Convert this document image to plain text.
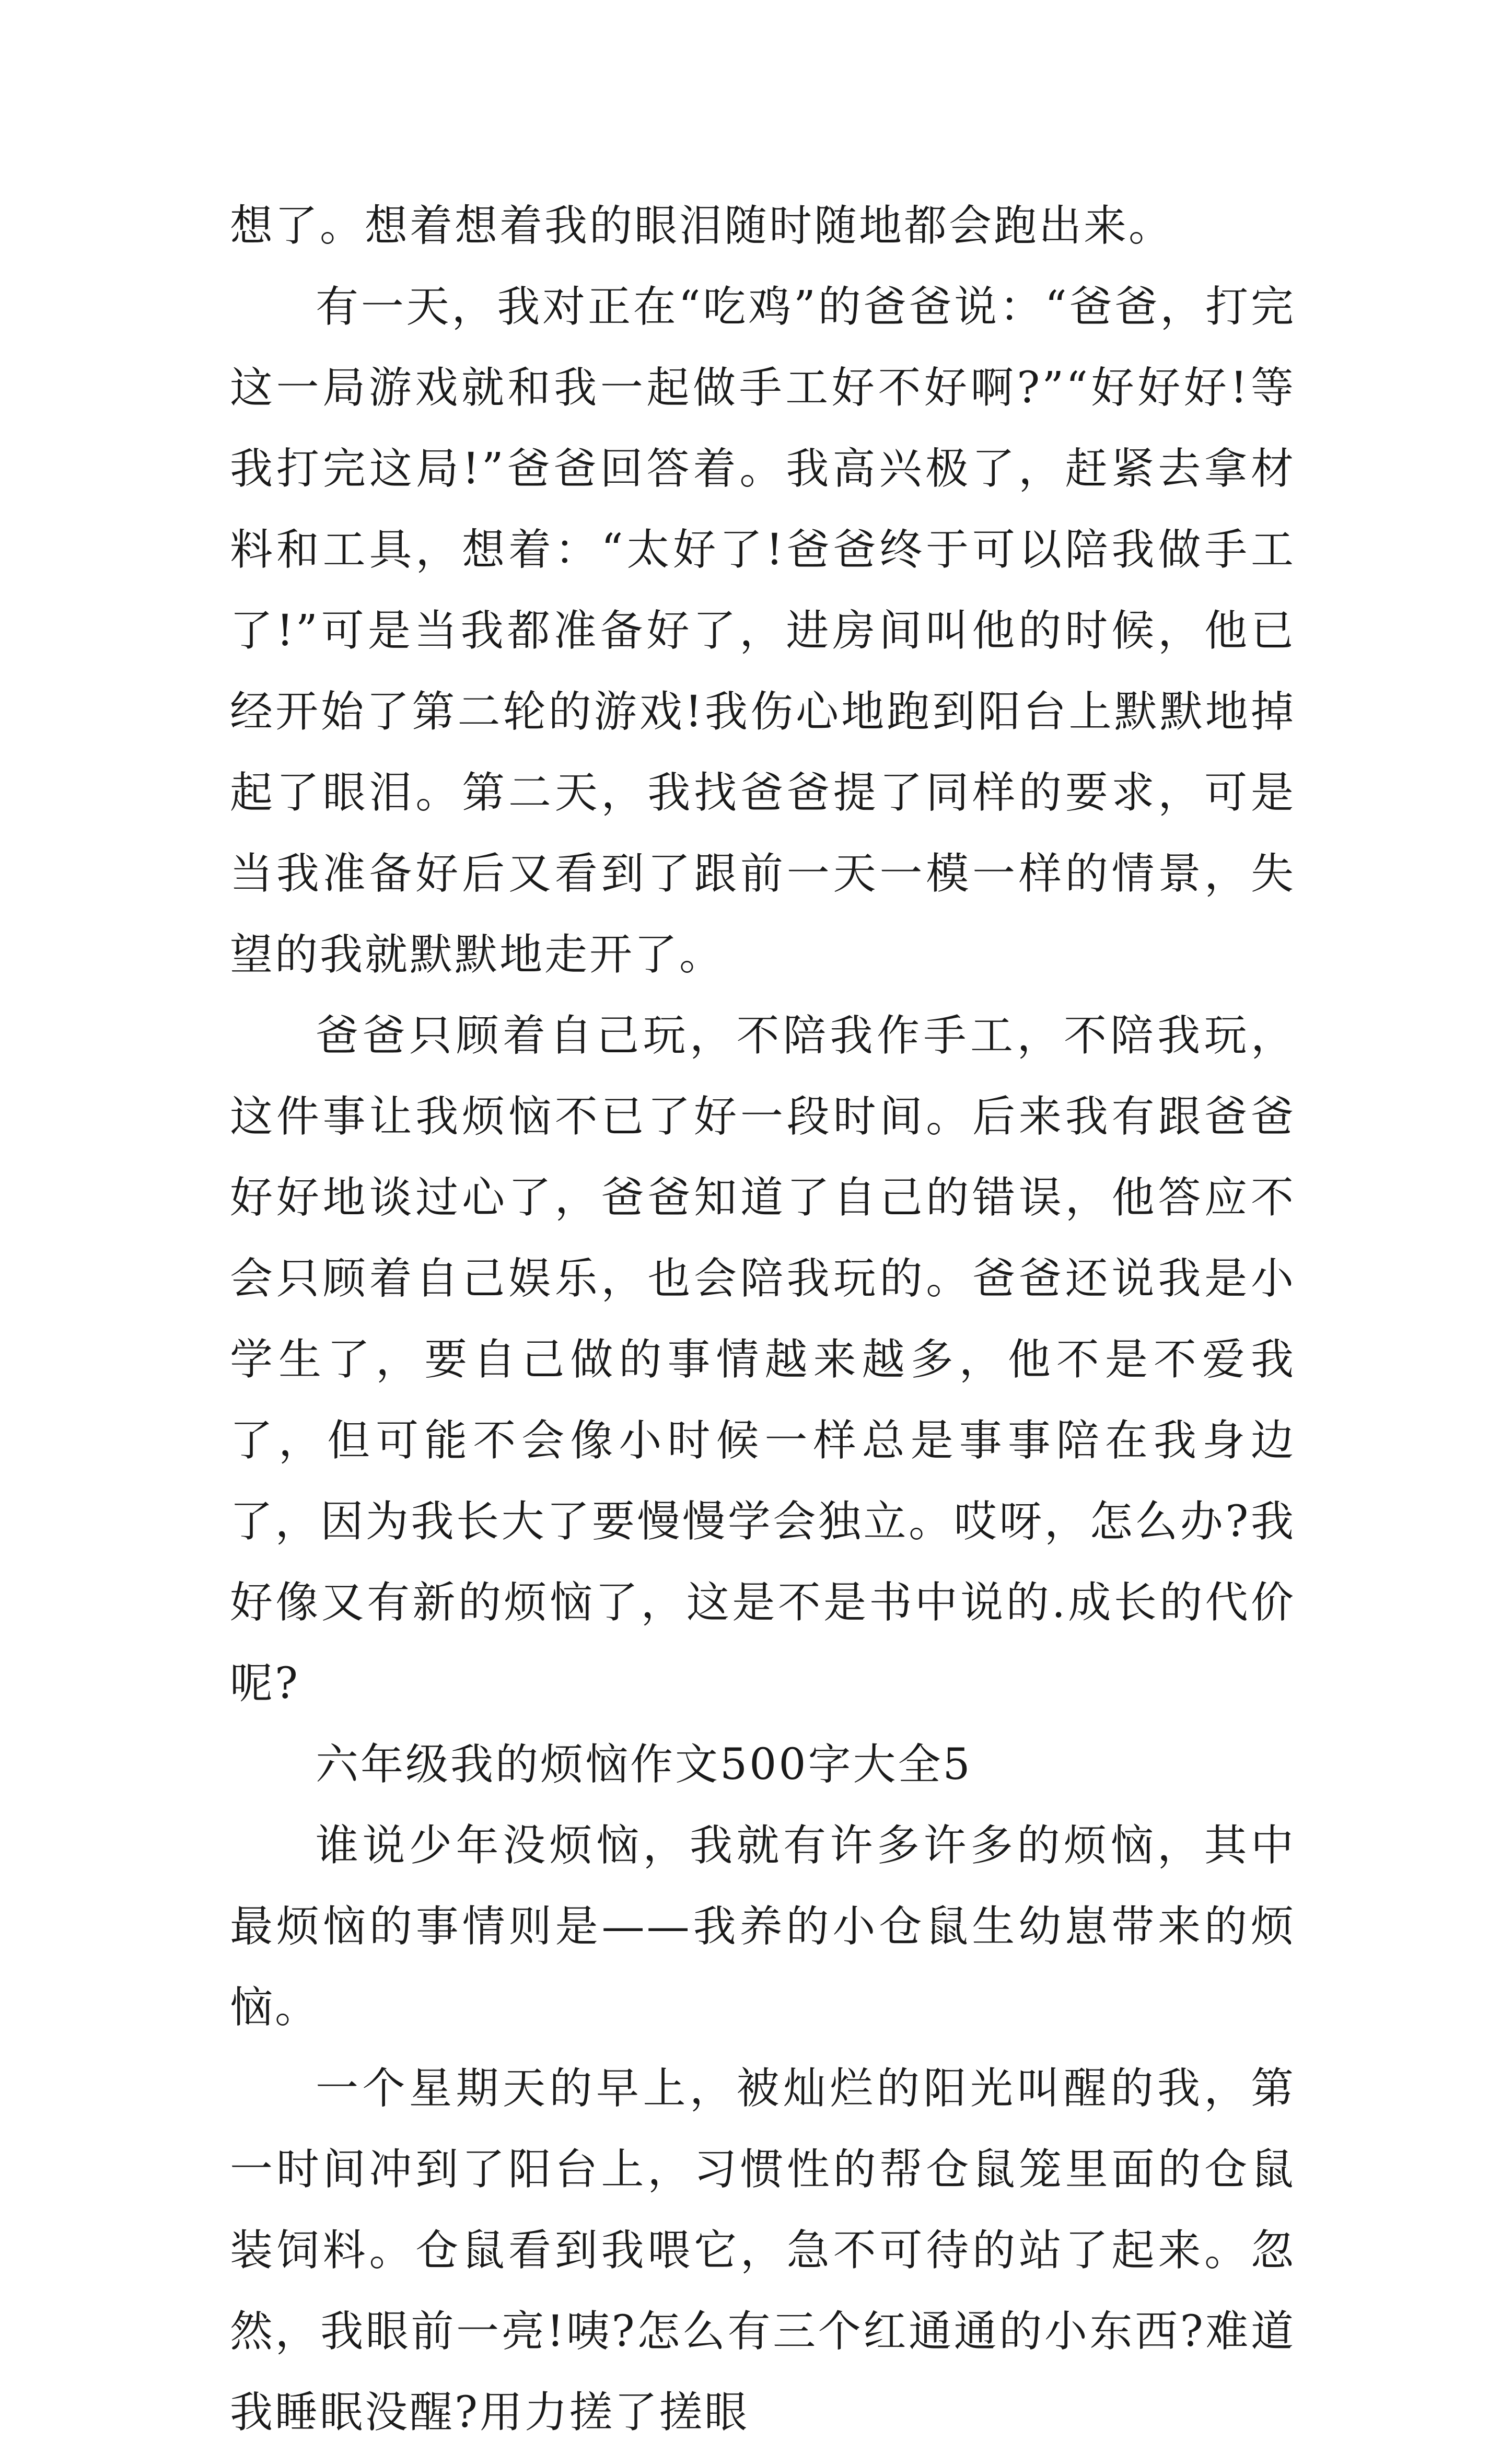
想了。想着想着我的眼泪随时随地都会跑出来。

有一天，我对正在“吃鸡”的爸爸说：“爸爸，打完这一局游戏就和我一起做手工好不好啊?”“好好好!等我打完这局!”爸爸回答着。我高兴极了，赶紧去拿材料和工具，想着：“太好了!爸爸终于可以陪我做手工了!”可是当我都准备好了，进房间叫他的时候，他已经开始了第二轮的游戏!我伤心地跑到阳台上默默地掉起了眼泪。第二天，我找爸爸提了同样的要求，可是当我准备好后又看到了跟前一天一模一样的情景，失望的我就默默地走开了。

爸爸只顾着自己玩，不陪我作手工，不陪我玩，这件事让我烦恼不已了好一段时间。后来我有跟爸爸好好地谈过心了，爸爸知道了自己的错误，他答应不会只顾着自己娱乐，也会陪我玩的。爸爸还说我是小学生了，要自己做的事情越来越多，他不是不爱我了，但可能不会像小时候一样总是事事陪在我身边了，因为我长大了要慢慢学会独立。哎呀，怎么办?我好像又有新的烦恼了，这是不是书中说的.成长的代价呢?

六年级我的烦恼作文500字大全5

谁说少年没烦恼，我就有许多许多的烦恼，其中最烦恼的事情则是——我养的小仓鼠生幼崽带来的烦恼。

一个星期天的早上，被灿烂的阳光叫醒的我，第一时间冲到了阳台上，习惯性的帮仓鼠笼里面的仓鼠装饲料。仓鼠看到我喂它，急不可待的站了起来。忽然，我眼前一亮!咦?怎么有三个红通通的小东西?难道我睡眠没醒?用力搓了搓眼
